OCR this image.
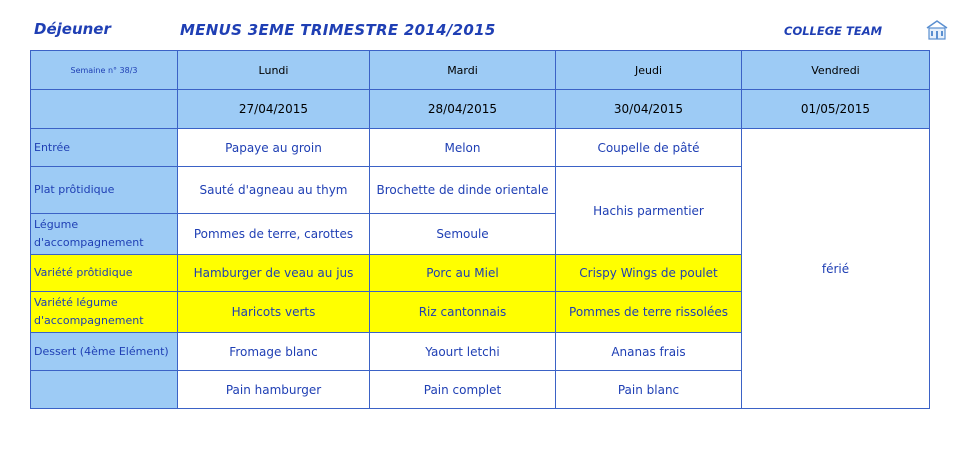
Déjeuner	MENUS 3EME TRIMESTRE 2014/2015	COLLEGE TEAM
Semaine n° 38/3	Lundi	Mardi	Jeudi	Vendredi
	27/04/2015	28/04/2015	30/04/2015	01/05/2015
Entrée	Papaye au groin	Melon	Coupelle de pâté	férié
Plat prôtidique	Sauté d'agneau au thym	Brochette de dinde orientale	Hachis parmentier	
Légume d'accompagnement	Pommes de terre, carottes	Semoule		
Variété prôtidique	Hamburger de veau au jus	Porc au Miel	Crispy Wings de poulet	
Variété légume d'accompagnement	Haricots verts	Riz cantonnais	Pommes de terre rissolées	
Dessert (4ème Elément)	Fromage blanc	Yaourt letchi	Ananas frais	
	Pain hamburger	Pain complet	Pain blanc	
